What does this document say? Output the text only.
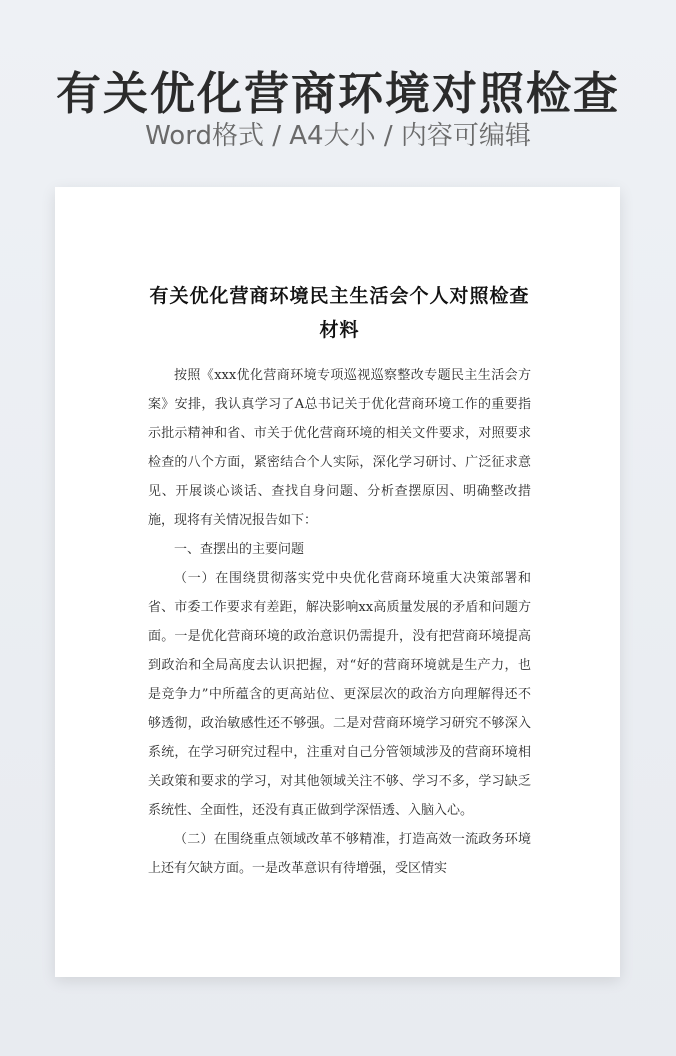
有关优化营商环境对照检查
Word格式 / A4大小 / 内容可编辑
有关优化营商环境民主生活会个人对照检查材料

按照《xxx优化营商环境专项巡视巡察整改专题民主生活会方案》安排，我认真学习了A总书记关于优化营商环境工作的重要指示批示精神和省、市关于优化营商环境的相关文件要求，对照要求检查的八个方面，紧密结合个人实际，深化学习研讨、广泛征求意见、开展谈心谈话、查找自身问题、分析查摆原因、明确整改措施，现将有关情况报告如下：

一、查摆出的主要问题

（一）在围绕贯彻落实党中央优化营商环境重大决策部署和省、市委工作要求有差距，解决影响xx高质量发展的矛盾和问题方面。一是优化营商环境的政治意识仍需提升，没有把营商环境提高到政治和全局高度去认识把握，对“好的营商环境就是生产力，也是竞争力”中所蕴含的更高站位、更深层次的政治方向理解得还不够透彻，政治敏感性还不够强。二是对营商环境学习研究不够深入系统，在学习研究过程中，注重对自己分管领域涉及的营商环境相关政策和要求的学习，对其他领域关注不够、学习不多，学习缺乏系统性、全面性，还没有真正做到学深悟透、入脑入心。

（二）在围绕重点领域改革不够精准，打造高效一流政务环境上还有欠缺方面。一是改革意识有待增强，受区情实
